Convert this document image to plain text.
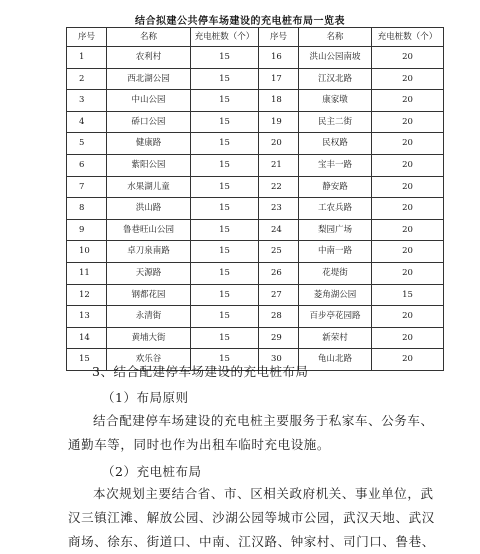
结合拟建公共停车场建设的充电桩布局一览表
序号	名称	充电桩数（个）	序号	名称	充电桩数（个）
1	农利村	15	16	洪山公园南坡	20
2	西北湖公园	15	17	江汉北路	20
3	中山公园	15	18	康家墩	20
4	硚口公园	15	19	民主二街	20
5	健康路	15	20	民权路	20
6	紫阳公园	15	21	宝丰一路	20
7	水果湖儿童	15	22	静安路	20
8	洪山路	15	23	工农兵路	20
9	鲁巷旺山公园	15	24	梨园广场	20
10	卓刀泉南路	15	25	中南一路	20
11	天源路	15	26	花堤街	20
12	钢都花园	15	27	菱角湖公园	15
13	永清街	15	28	百步亭花园路	20
14	黄埔大街	15	29	新荣村	20
15	欢乐谷	15	30	龟山北路	20
3、结合配建停车场建设的充电桩布局
（1）布局原则
结合配建停车场建设的充电桩主要服务于私家车、公务车、
通勤车等，同时也作为出租车临时充电设施。
（2）充电桩布局
本次规划主要结合省、市、区相关政府机关、事业单位，武
汉三镇江滩、解放公园、沙湖公园等城市公园，武汉天地、武汉
商场、徐东、街道口、中南、江汉路、钟家村、司门口、鲁巷、
